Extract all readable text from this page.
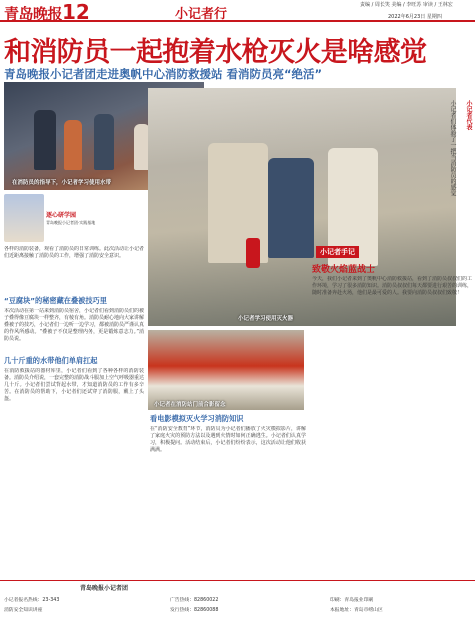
青岛晚报 12	小记者行
责编 / 周长笑 美编 / 李旺苏 审读 / 王林宏
2022年6月23日 星期四
和消防员一起抱着水枪灭火是啥感觉
青岛晚报小记者团走进奥帆中心消防救援站 看消防员亮“绝活”
在消防员的指导下，小记者学习使用水带
小记者学习使用灭火器
小记者在消防站门前合影留念
逐心研学园
青岛晚报小记者团·实践基地
小记者代表
小记者们体验了一把当消防员的感觉
各样的消防装备，观看了消防员的日常训练。此次活动让小记者们近距离接触了消防员的工作，增强了消防安全意识。
“豆腐块”的秘密藏在叠被技巧里
本次活动在第一站来到消防员宿舍，小记者们看到消防员们的被子叠得像豆腐块一样整齐，有棱有角。消防员耐心地向大家讲解叠被子的技巧，小记者们一边听一边学习，都被消防员严谨认真的作风所感动。“叠被子不仅是整理内务，更是锻炼意志力。”消防员说。
几十斤重的水带他们单肩扛起
在消防救援站的器材库里，小记者们看到了各种各样的消防装备。消防员介绍说，一套完整的消防战斗服加上空气呼吸器重达几十斤。小记者们尝试背起水带，才知道消防员的工作有多辛苦。在消防员的帮助下，小记者们还试穿了消防服，戴上了头盔。
看电影模拟灭火学习消防知识
在“消防安全教育”环节，消防员为小记者们播放了火灾模拟影片，讲解了家庭火灾的预防方法以及遇到火情时如何正确逃生。小记者们认真学习，积极提问。活动结束后，小记者们纷纷表示，这次活动让他们收获满满。
小记者手记
致敬火焰蓝战士
今天，我们小记者来到了奥帆中心消防救援站，看到了消防员叔叔们的工作环境，学习了很多消防知识。消防员叔叔们每天都要进行艰苦的训练，随时准备奔赴火场，他们是最可爱的人。我要向消防员叔叔们致敬！
青岛晚报小记者团
小记者报名热线：23-343
消防安全知识讲座
广告热线：82860022
发行热线：82860088
印刷：青岛报业印刷
本报地址：青岛市崂山区
